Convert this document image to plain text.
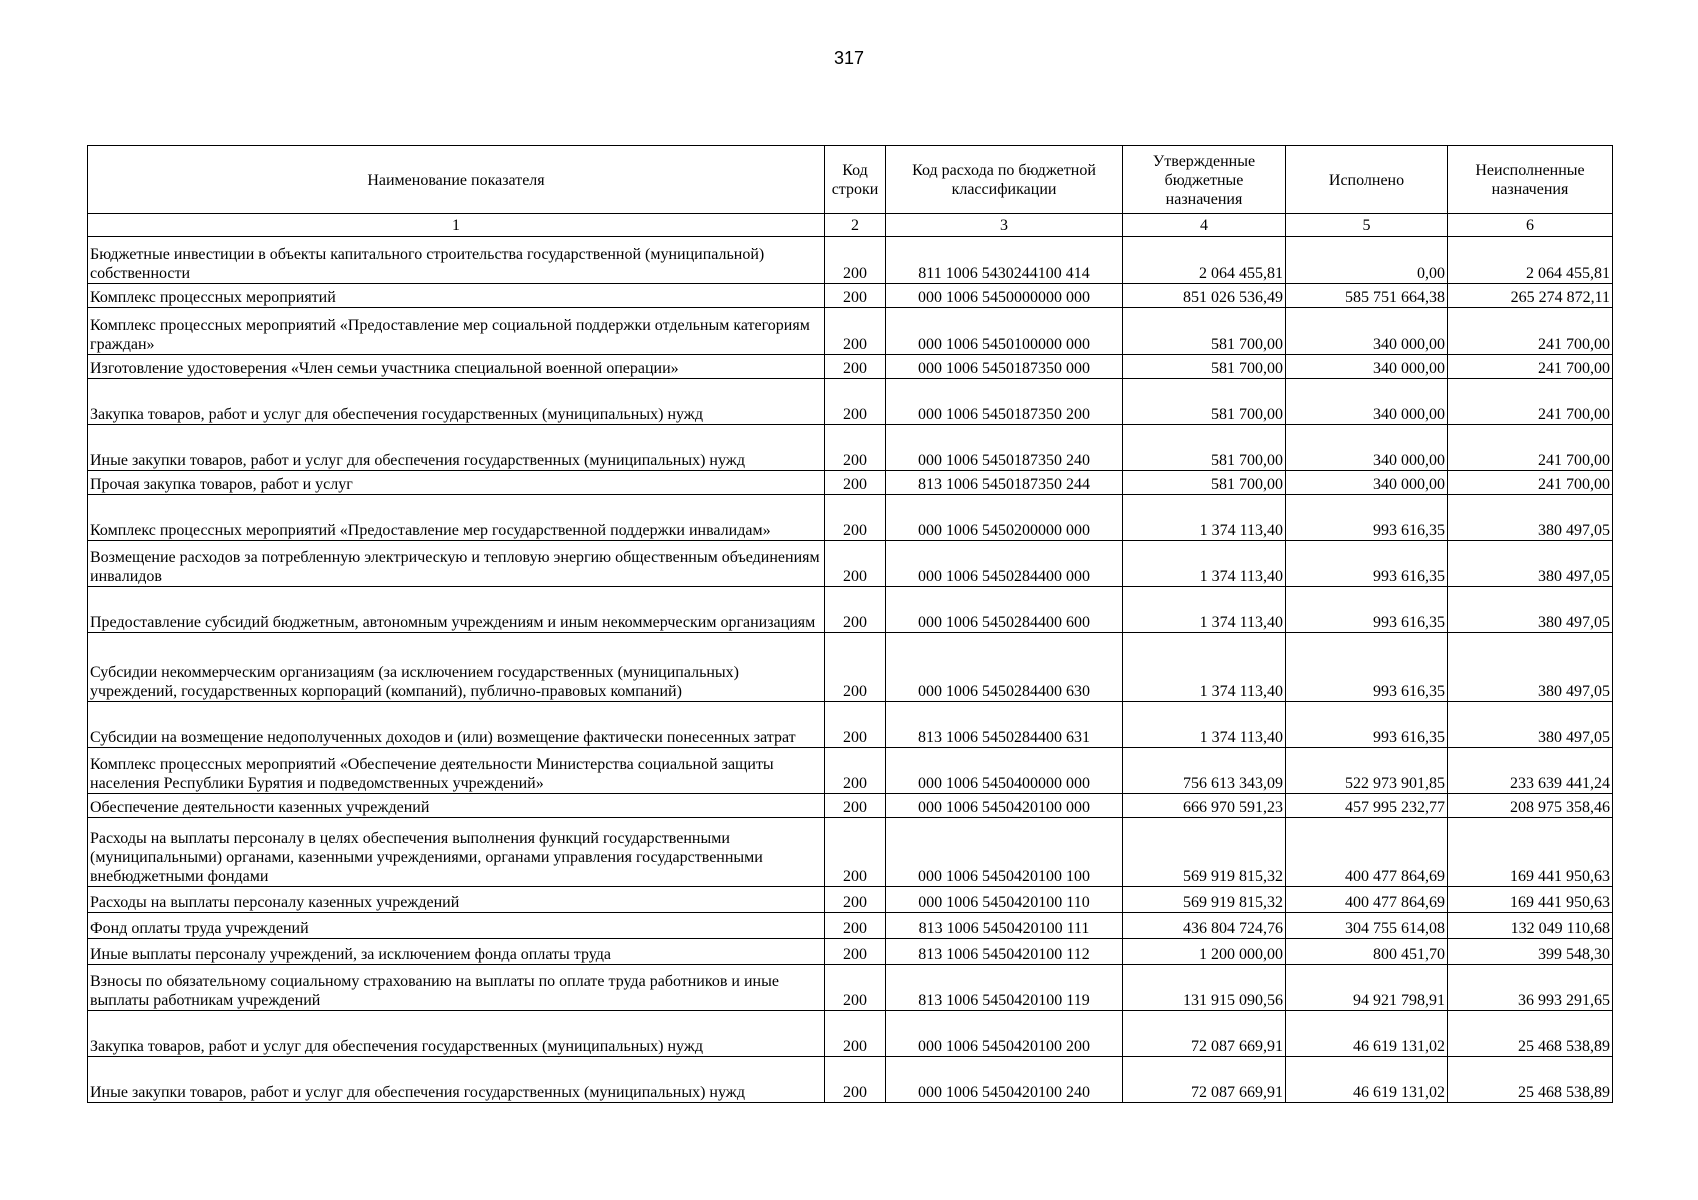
317
Наименование показателя	Код строки	Код расхода по бюджетной классификации	Утвержденные бюджетные назначения	Исполнено	Неисполненные назначения
1	2	3	4	5	6
Бюджетные инвестиции в объекты капитального строительства государственной (муниципальной) собственности	200	811 1006 5430244100 414	2 064 455,81	0,00	2 064 455,81
Комплекс процессных мероприятий	200	000 1006 5450000000 000	851 026 536,49	585 751 664,38	265 274 872,11
Комплекс процессных мероприятий «Предоставление мер социальной поддержки отдельным категориям граждан»	200	000 1006 5450100000 000	581 700,00	340 000,00	241 700,00
Изготовление удостоверения «Член семьи участника специальной военной операции»	200	000 1006 5450187350 000	581 700,00	340 000,00	241 700,00
Закупка товаров, работ и услуг для обеспечения государственных (муниципальных) нужд	200	000 1006 5450187350 200	581 700,00	340 000,00	241 700,00
Иные закупки товаров, работ и услуг для обеспечения государственных (муниципальных) нужд	200	000 1006 5450187350 240	581 700,00	340 000,00	241 700,00
Прочая закупка товаров, работ и услуг	200	813 1006 5450187350 244	581 700,00	340 000,00	241 700,00
Комплекс процессных мероприятий «Предоставление мер государственной поддержки инвалидам»	200	000 1006 5450200000 000	1 374 113,40	993 616,35	380 497,05
Возмещение расходов за потребленную электрическую и тепловую энергию общественным объединениям инвалидов	200	000 1006 5450284400 000	1 374 113,40	993 616,35	380 497,05
Предоставление субсидий бюджетным, автономным учреждениям и иным некоммерческим организациям	200	000 1006 5450284400 600	1 374 113,40	993 616,35	380 497,05
Субсидии некоммерческим организациям (за исключением государственных (муниципальных) учреждений, государственных корпораций (компаний), публично-правовых компаний)	200	000 1006 5450284400 630	1 374 113,40	993 616,35	380 497,05
Субсидии на возмещение недополученных доходов и (или) возмещение фактически понесенных затрат	200	813 1006 5450284400 631	1 374 113,40	993 616,35	380 497,05
Комплекс процессных мероприятий «Обеспечение деятельности Министерства социальной защиты населения Республики Бурятия и подведомственных учреждений»	200	000 1006 5450400000 000	756 613 343,09	522 973 901,85	233 639 441,24
Обеспечение деятельности казенных учреждений	200	000 1006 5450420100 000	666 970 591,23	457 995 232,77	208 975 358,46
Расходы на выплаты персоналу в целях обеспечения выполнения функций государственными (муниципальными) органами, казенными учреждениями, органами управления государственными внебюджетными фондами	200	000 1006 5450420100 100	569 919 815,32	400 477 864,69	169 441 950,63
Расходы на выплаты персоналу казенных учреждений	200	000 1006 5450420100 110	569 919 815,32	400 477 864,69	169 441 950,63
Фонд оплаты труда учреждений	200	813 1006 5450420100 111	436 804 724,76	304 755 614,08	132 049 110,68
Иные выплаты персоналу учреждений, за исключением фонда оплаты труда	200	813 1006 5450420100 112	1 200 000,00	800 451,70	399 548,30
Взносы по обязательному социальному страхованию на выплаты по оплате труда работников и иные выплаты работникам учреждений	200	813 1006 5450420100 119	131 915 090,56	94 921 798,91	36 993 291,65
Закупка товаров, работ и услуг для обеспечения государственных (муниципальных) нужд	200	000 1006 5450420100 200	72 087 669,91	46 619 131,02	25 468 538,89
Иные закупки товаров, работ и услуг для обеспечения государственных (муниципальных) нужд	200	000 1006 5450420100 240	72 087 669,91	46 619 131,02	25 468 538,89
